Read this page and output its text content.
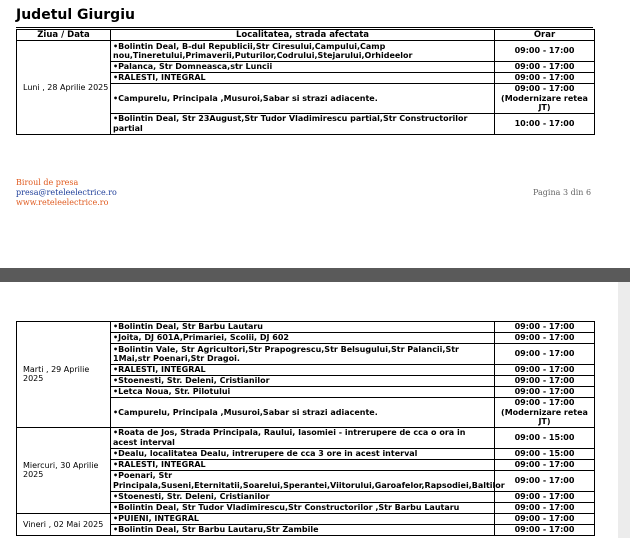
Judetul Giurgiu
Ziua / Data	Localitatea, strada afectata	Orar
Luni , 28 Aprilie 2025	•Bolintin Deal, B-dul Republicii,Str Ciresului,Campului,Camp nou,Tineretului,Primaverii,Puturilor,Codrului,Stejarului,Orhideelor	09:00 - 17:00
	•Palanca, Str Domneasca,str Luncii	09:00 - 17:00
	•RALESTI, INTEGRAL	09:00 - 17:00
	•Campurelu, Principala ,Musuroi,Sabar si strazi adiacente.	09:00 - 17:00
(Modernizare retea JT)

	•Bolintin Deal, Str 23August,Str Tudor Vladimirescu partial,Str Constructorilor partial	10:00 - 17:00
Biroul de presa
presa@reteleelectrice.ro
www.reteleelectrice.ro
Pagina 3 din 6
Marti , 29 Aprilie 2025	•Bolintin Deal, Str Barbu Lautaru	09:00 - 17:00
	•Joita, DJ 601A,Primariei, Scolii, DJ 602	09:00 - 17:00
	•Bolintin Vale, Str Agricultori,Str Prapogrescu,Str Belsugului,Str Palancii,Str 1Mai,str Poenari,Str Dragoi.	09:00 - 17:00
	•RALESTI, INTEGRAL	09:00 - 17:00
	•Stoenesti, Str. Deleni, Cristianilor	09:00 - 17:00
	•Letca Noua, Str. Pilotului	09:00 - 17:00
	•Campurelu, Principala ,Musuroi,Sabar si strazi adiacente.	09:00 - 17:00
(Modernizare retea JT)

Miercuri, 30 Aprilie 2025	•Roata de Jos, Strada Principala, Raului, Iasomiei - intrerupere de cca o ora in acest interval	09:00 - 15:00
	•Dealu, localitatea Dealu, intrerupere de cca 3 ore in acest interval	09:00 - 15:00
	•RALESTI, INTEGRAL	09:00 - 17:00
	•Poenari, Str Principala,Suseni,Eternitatii,Soarelui,Sperantei,Viitorului,Garoafelor,Rapsodiei,Baltilor	09:00 - 17:00
	•Stoenesti, Str. Deleni, Cristianilor	09:00 - 17:00
	•Bolintin Deal, Str Tudor Vladimirescu,Str Constructorilor ,Str Barbu Lautaru	09:00 - 17:00
Vineri , 02 Mai 2025	•PUIENI, INTEGRAL	09:00 - 17:00
	•Bolintin Deal, Str Barbu Lautaru,Str Zambile	09:00 - 17:00
